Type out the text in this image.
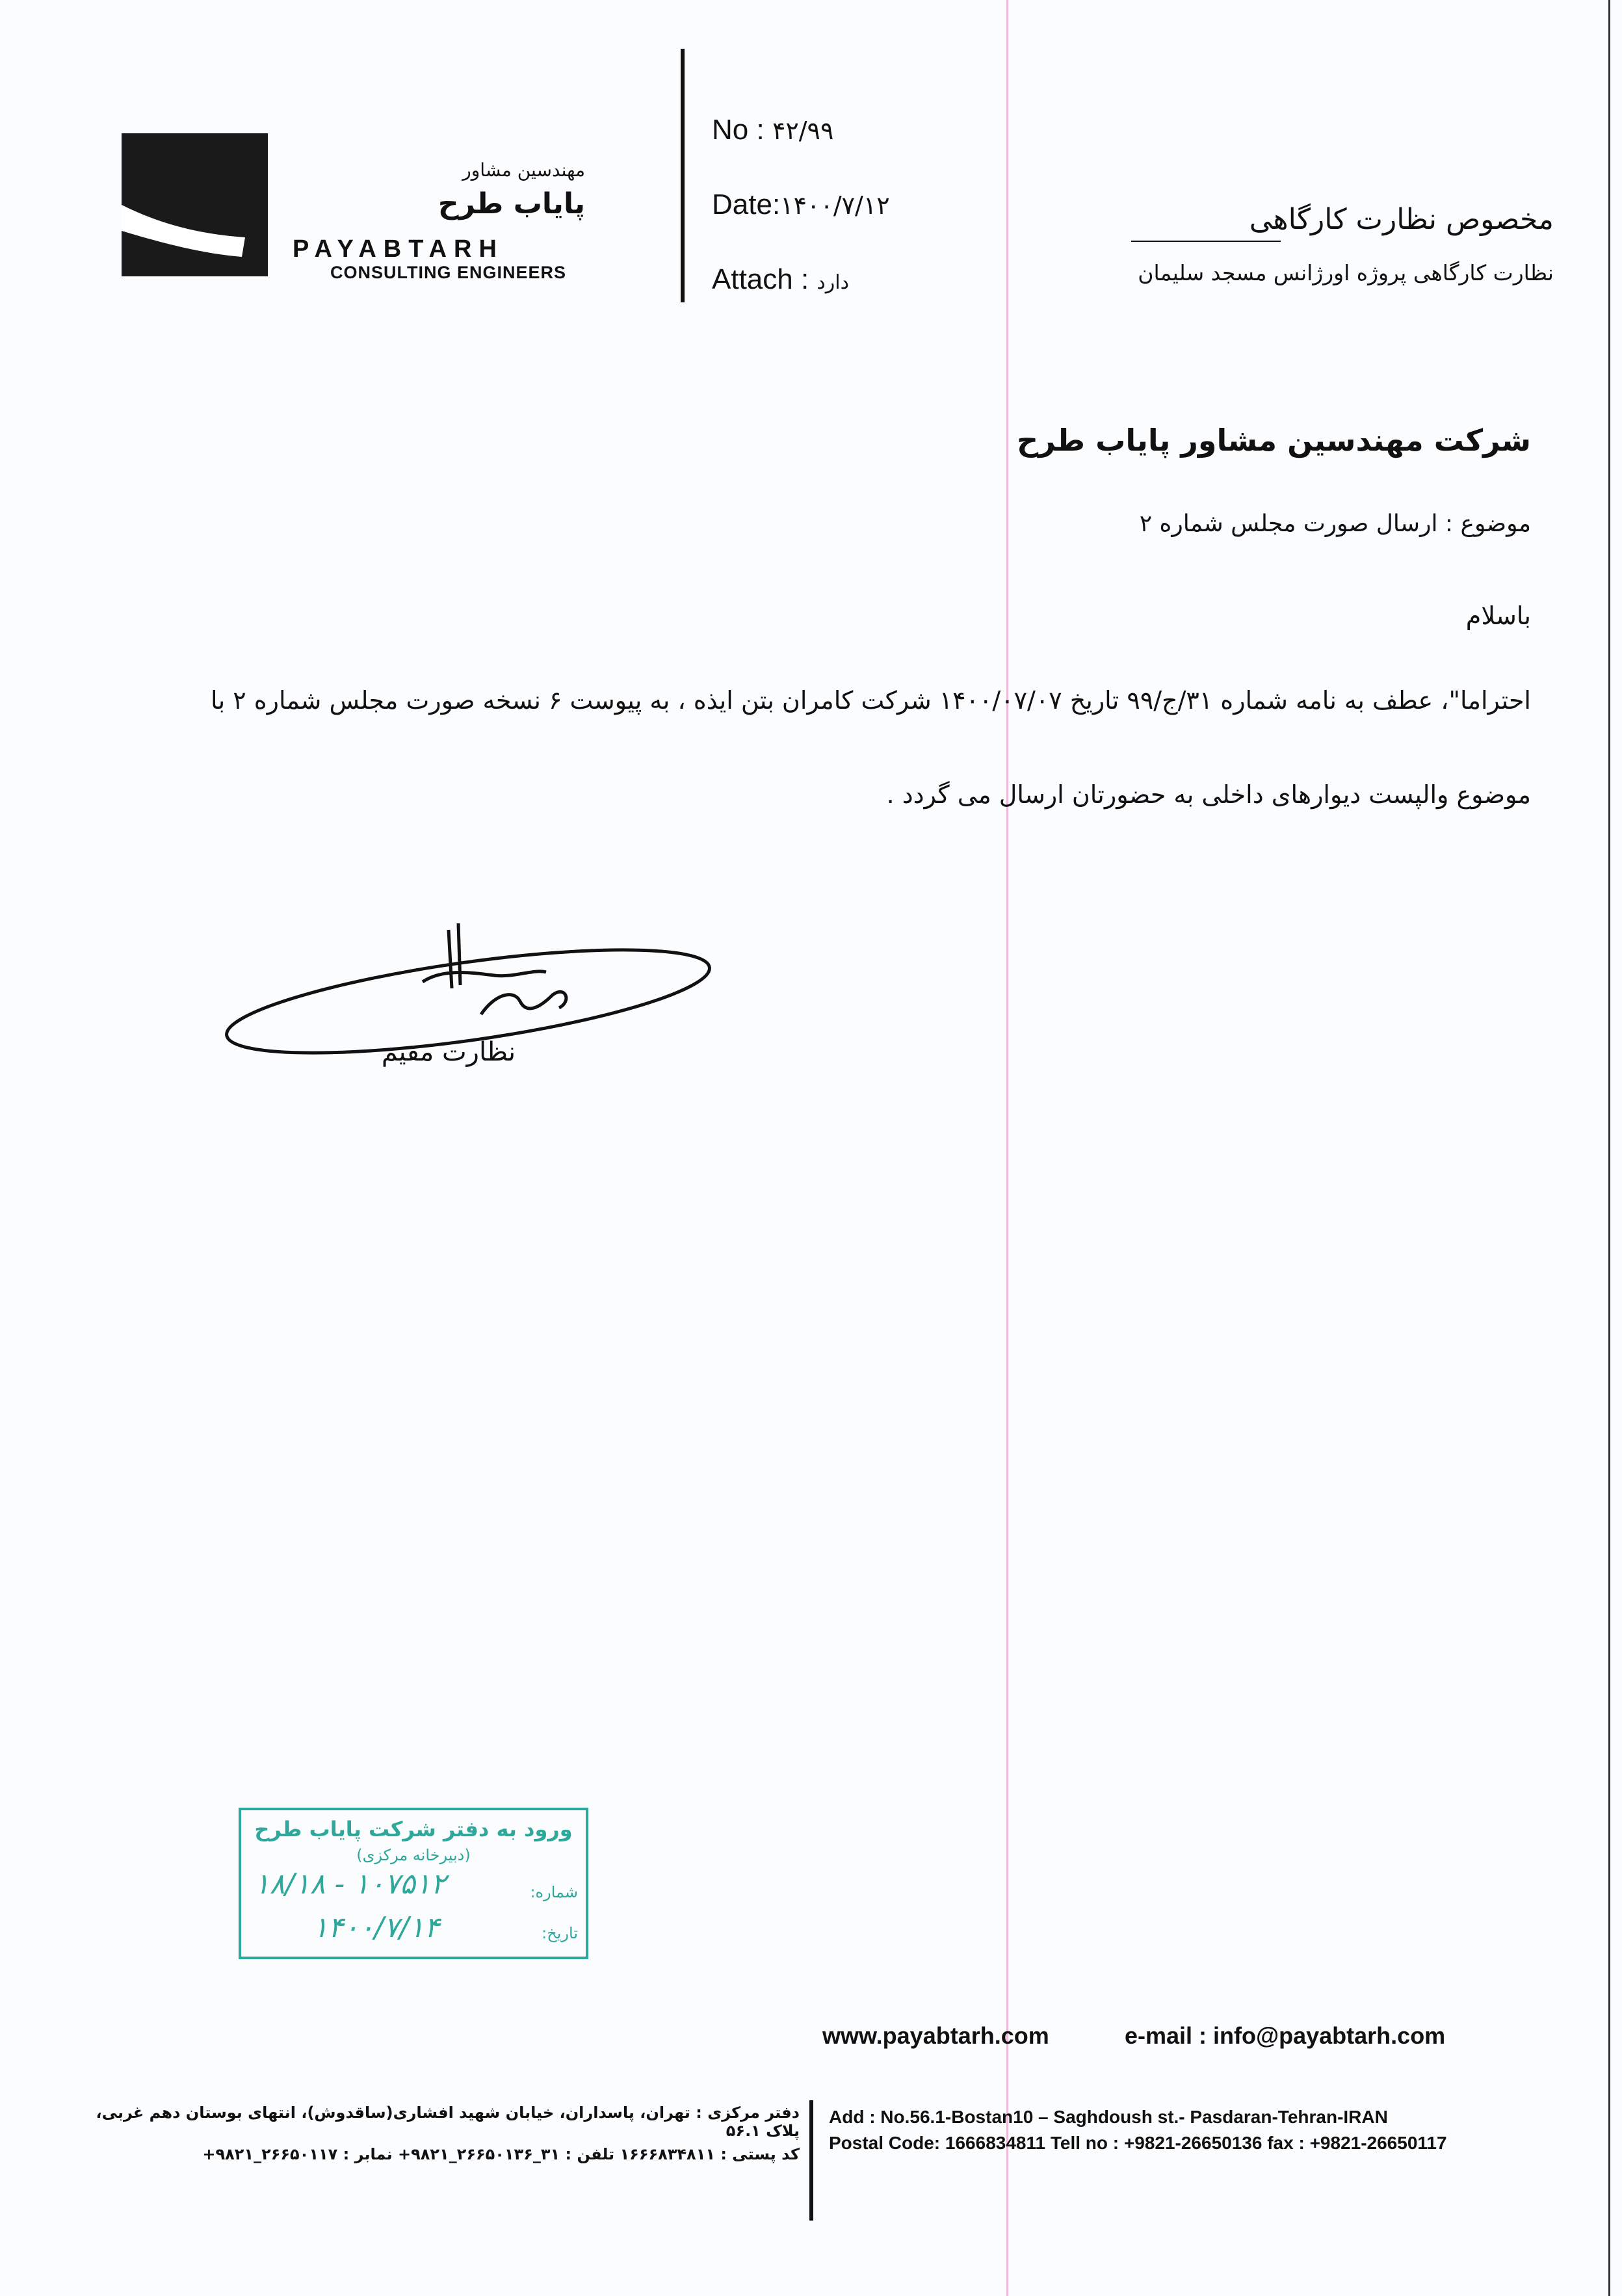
مهندسین مشاور
پایاب طرح
PAYABTARH
CONSULTING ENGINEERS
No : ۴۲/۹۹
Date:۱۴۰۰/۷/۱۲
Attach : دارد
مخصوص نظارت کارگاهی
نظارت کارگاهی پروژه اورژانس مسجد سلیمان
شرکت مهندسین مشاور پایاب طرح
موضوع : ارسال صورت مجلس شماره ۲
باسلام
احتراما"، عطف به نامه شماره ۳۱/ج/۹۹ تاریخ ۱۴۰۰/۰۷/۰۷ شرکت کامران بتن ایذه ، به پیوست ۶ نسخه صورت مجلس شماره ۲ با
موضوع والپست دیوارهای داخلی به حضورتان ارسال می گردد .
نظارت مقیم
ورود به دفتر شرکت پایاب طرح
(دبیرخانه مرکزی)
شماره:
۱۸/۱۸ - ۱۰۷۵۱۲
تاریخ:
۱۴۰۰/۷/۱۴
www.payabtarh.com	e-mail : info@payabtarh.com
دفتر مرکزی : تهران، پاسداران، خیابان شهید افشاری(ساقدوش)، انتهای بوستان دهم غربی، پلاک ۵۶.۱
کد پستی : ۱۶۶۶۸۳۴۸۱۱ تلفن : ۳۱_۲۶۶۵۰۱۳۶_۹۸۲۱+ نمابر : ۲۶۶۵۰۱۱۷_۹۸۲۱+
Add : No.56.1-Bostan10 – Saghdoush st.- Pasdaran-Tehran-IRAN
Postal Code: 1666834811 Tell no : +9821-26650136 fax : +9821-26650117
